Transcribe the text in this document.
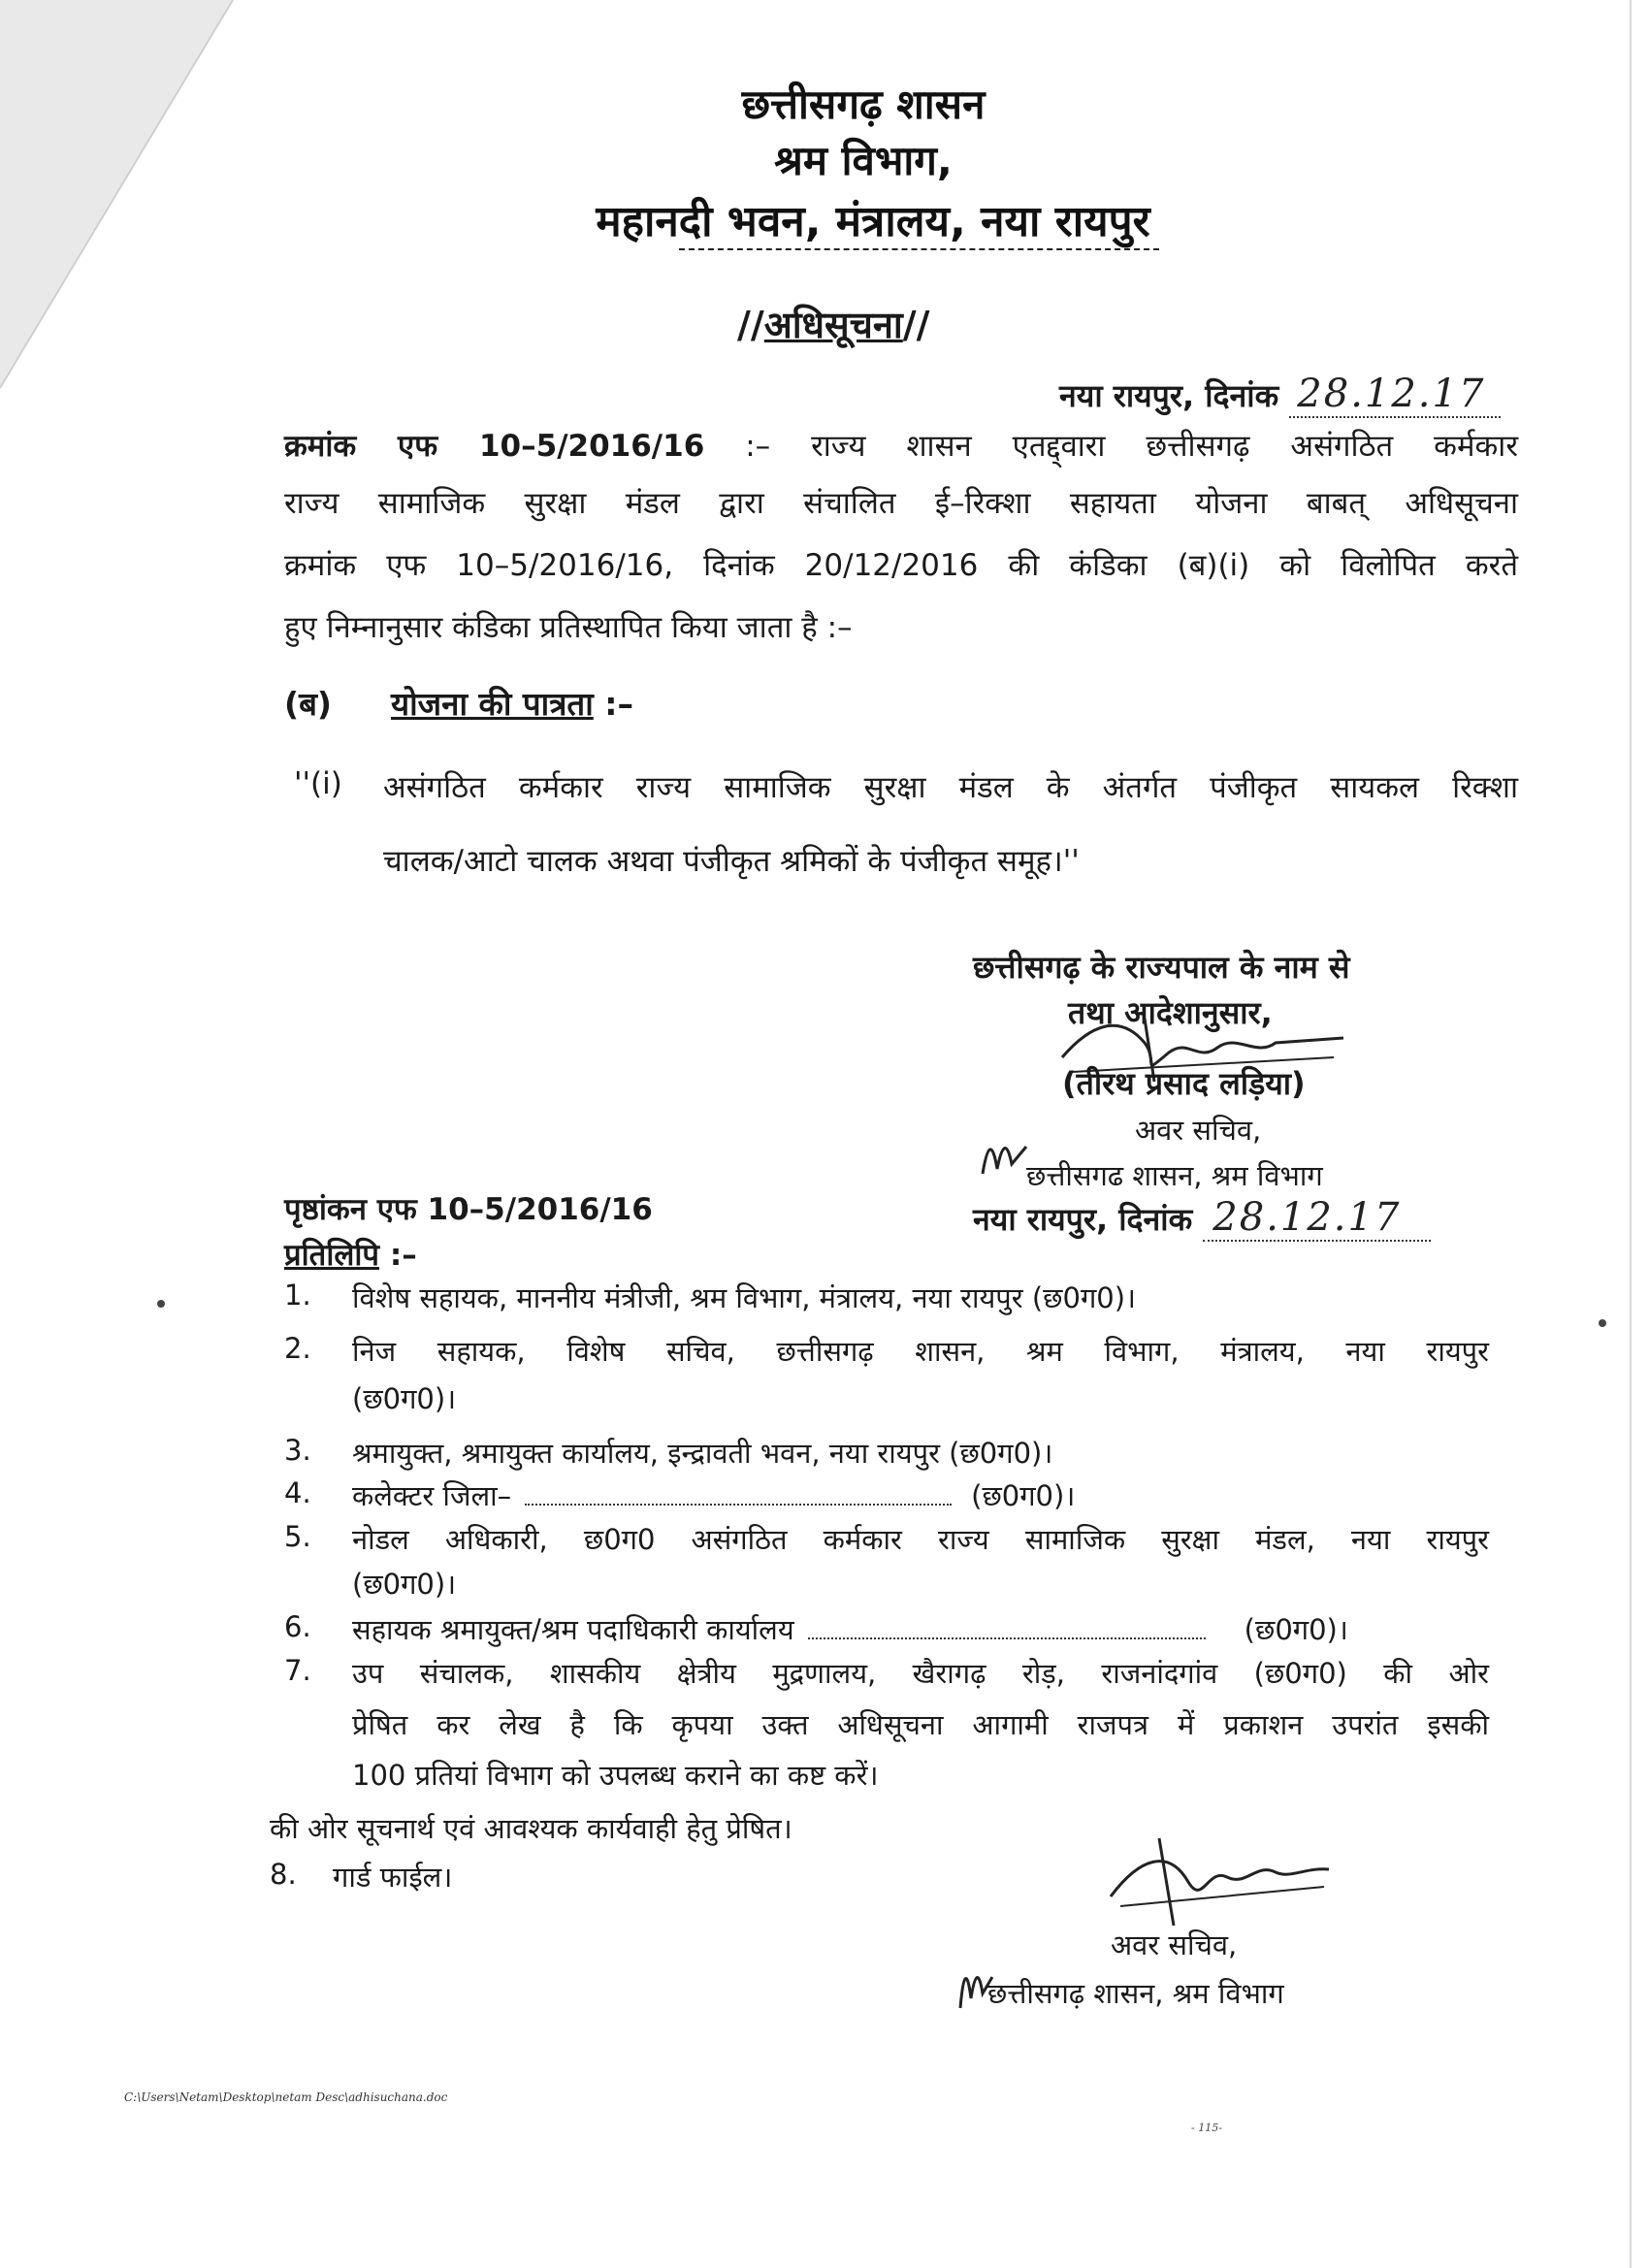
छत्तीसगढ़ शासन
श्रम विभाग,
महानदी भवन, मंत्रालय, नया रायपुर
//अधिसूचना//
नया रायपुर, दिनांक 28.12.17
क्रमांक एफ 10–5/2016/16 :– राज्य शासन एतद्द्वारा छत्तीसगढ़ असंगठित कर्मकार
राज्य सामाजिक सुरक्षा मंडल द्वारा संचालित ई–रिक्शा सहायता योजना बाबत् अधिसूचना
क्रमांक एफ 10–5/2016/16, दिनांक 20/12/2016 की कंडिका (ब)(i) को विलोपित करते
हुए निम्नानुसार कंडिका प्रतिस्थापित किया जाता है :–
(ब) योजना की पात्रता :–
''(i) असंगठित कर्मकार राज्य सामाजिक सुरक्षा मंडल के अंतर्गत पंजीकृत सायकल रिक्शा
चालक/आटो चालक अथवा पंजीकृत श्रमिकों के पंजीकृत समूह।''
छत्तीसगढ़ के राज्यपाल के नाम से
तथा आदेशानुसार,
(तीरथ प्रसाद लड़िया)
अवर सचिव,
छत्तीसगढ शासन, श्रम विभाग
पृष्ठांकन एफ 10–5/2016/16	नया रायपुर, दिनांक 28.12.17
प्रतिलिपि :–
1. विशेष सहायक, माननीय मंत्रीजी, श्रम विभाग, मंत्रालय, नया रायपुर (छ0ग0)।
2. निज सहायक, विशेष सचिव, छत्तीसगढ़ शासन, श्रम विभाग, मंत्रालय, नया रायपुर
(छ0ग0)।
3. श्रमायुक्त, श्रमायुक्त कार्यालय, इन्द्रावती भवन, नया रायपुर (छ0ग0)।
4. कलेक्टर जिला–	(छ0ग0)।
5. नोडल अधिकारी, छ0ग0 असंगठित कर्मकार राज्य सामाजिक सुरक्षा मंडल, नया रायपुर
(छ0ग0)।
6. सहायक श्रमायुक्त/श्रम पदाधिकारी कार्यालय	(छ0ग0)।
7. उप संचालक, शासकीय क्षेत्रीय मुद्रणालय, खैरागढ़ रोड़, राजनांदगांव (छ0ग0) की ओर
प्रेषित कर लेख है कि कृपया उक्त अधिसूचना आगामी राजपत्र में प्रकाशन उपरांत इसकी
100 प्रतियां विभाग को उपलब्ध कराने का कष्ट करें।
की ओर सूचनार्थ एवं आवश्यक कार्यवाही हेतु प्रेषित।
8. गार्ड फाईल।
अवर सचिव,
छत्तीसगढ़ शासन, श्रम विभाग
C:\Users\Netam\Desktop\netam Desc\adhisuchana.doc
- 115-
